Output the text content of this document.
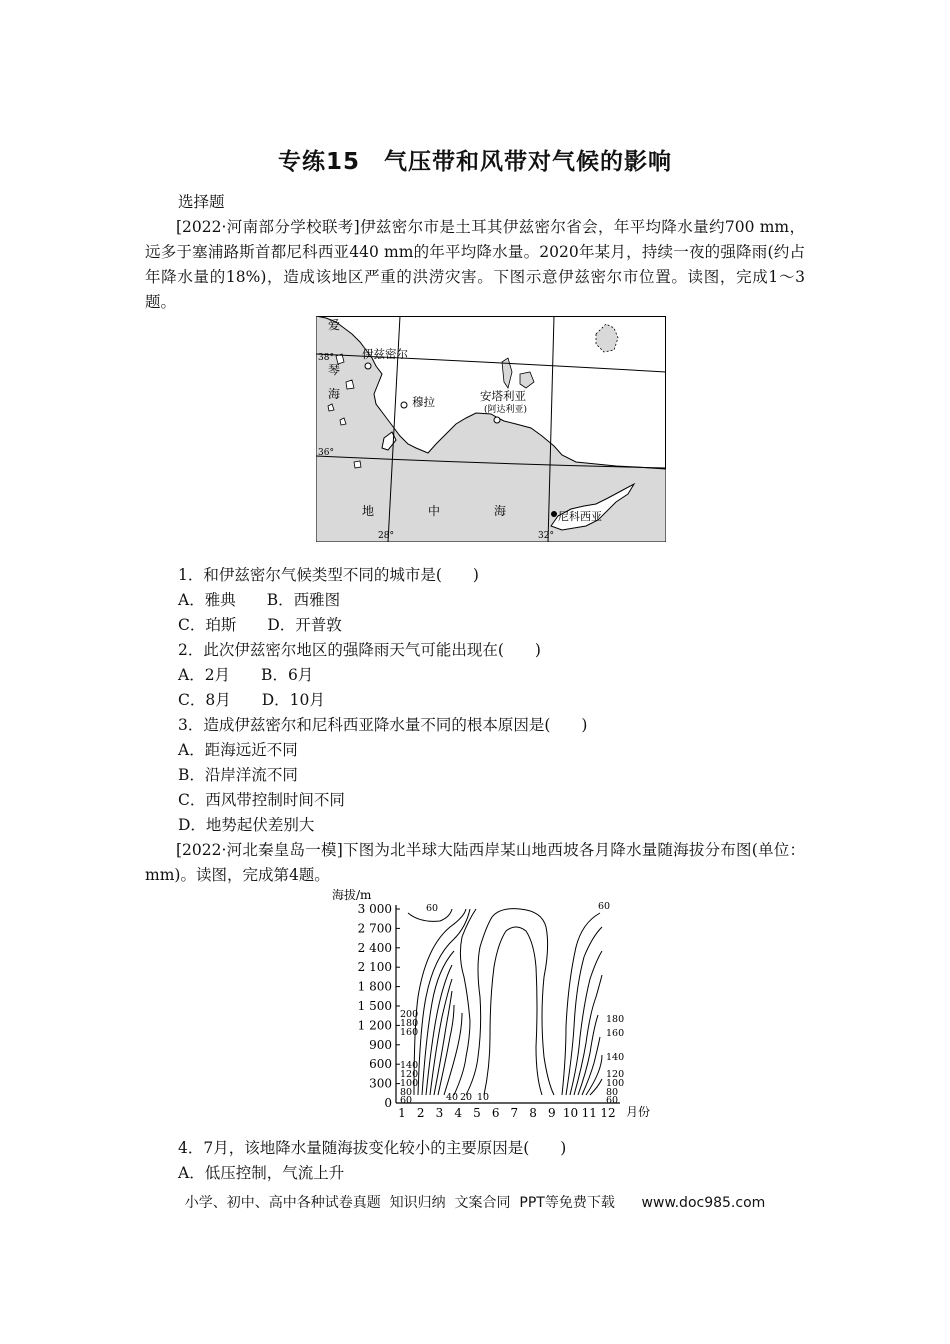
专练15　气压带和风带对气候的影响
选择题
[2022·河南部分学校联考]伊兹密尔市是土耳其伊兹密尔省会，年平均降水量约700 mm，远多于塞浦路斯首都尼科西亚440 mm的年平均降水量。2020年某月，持续一夜的强降雨(约占年降水量的18%)，造成该地区严重的洪涝灾害。下图示意伊兹密尔市位置。读图，完成1～3题。
爱
琴
海
伊兹密尔
穆拉	安塔利亚
(阿达利亚)
地	中	海	尼科西亚
38°
36°
28°	32°
1．和伊兹密尔气候类型不同的城市是(　　)
A．雅典　　B．西雅图
C．珀斯　　D．开普敦
2．此次伊兹密尔地区的强降雨天气可能出现在(　　)
A．2月　　B．6月
C．8月　　D．10月
3．造成伊兹密尔和尼科西亚降水量不同的根本原因是(　　)
A．距海远近不同
B．沿岸洋流不同
C．西风带控制时间不同
D．地势起伏差别大
[2022·河北秦皇岛一模]下图为北半球大陆西岸某山地西坡各月降水量随海拔分布图(单位：mm)。读图，完成第4题。
海拔/m
3 000
2 700
2 400
2 100
1 800
1 500
1 200
900
600
300
0
1 2 3 4 5 6 7 8 9 10 11 12
200
180
160
140
120
100
80
60	40 20 10
180
160
140
120
100
80
60
60	60
月份
4．7月，该地降水量随海拔变化较小的主要原因是(　　)
A．低压控制，气流上升
小学、初中、高中各种试卷真题  知识归纳  文案合同  PPT等免费下载      www.doc985.com
